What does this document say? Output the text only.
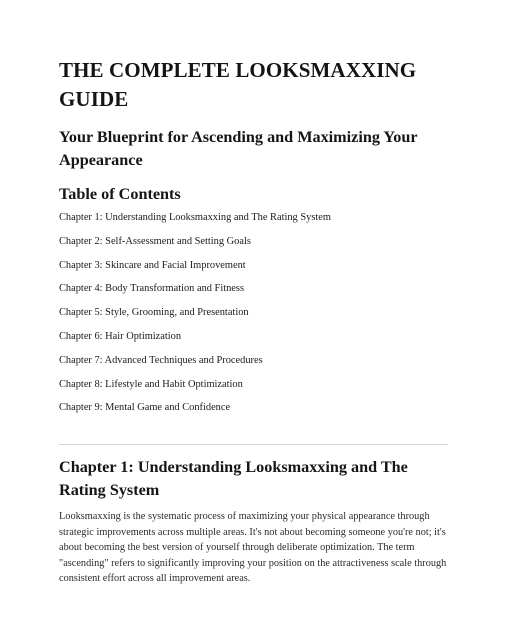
THE COMPLETE LOOKSMAXXING GUIDE
Your Blueprint for Ascending and Maximizing Your Appearance
Table of Contents
Chapter 1: Understanding Looksmaxxing and The Rating System
Chapter 2: Self-Assessment and Setting Goals
Chapter 3: Skincare and Facial Improvement
Chapter 4: Body Transformation and Fitness
Chapter 5: Style, Grooming, and Presentation
Chapter 6: Hair Optimization
Chapter 7: Advanced Techniques and Procedures
Chapter 8: Lifestyle and Habit Optimization
Chapter 9: Mental Game and Confidence
Chapter 1: Understanding Looksmaxxing and The Rating System

Looksmaxxing is the systematic process of maximizing your physical appearance through strategic improvements across multiple areas. It's not about becoming someone you're not; it's about becoming the best version of yourself through deliberate optimization. The term "ascending" refers to significantly improving your position on the attractiveness scale through consistent effort across all improvement areas.
